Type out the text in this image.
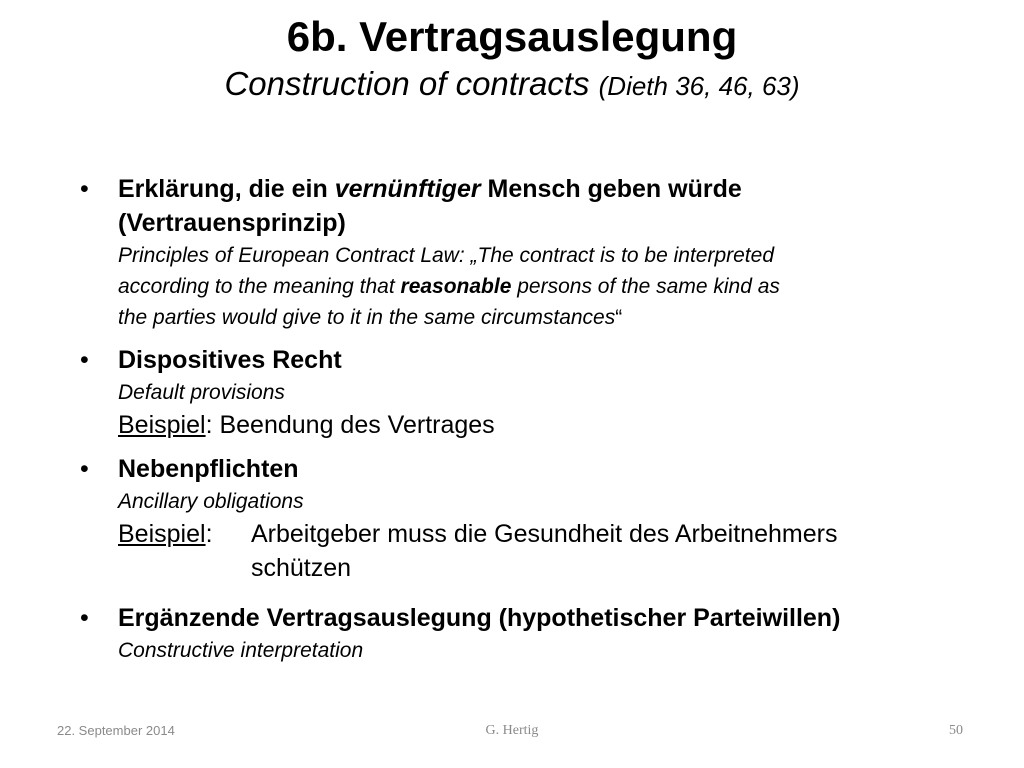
6b. Vertragsauslegung
Construction of contracts (Dieth 36, 46, 63)
• Erklärung, die ein vernünftiger Mensch geben würde
(Vertrauensprinzip)
Principles of European Contract Law: „The contract is to be interpreted
according to the meaning that reasonable persons of the same kind as
the parties would give to it in the same circumstances“
• Dispositives Recht
Default provisions
Beispiel: Beendung des Vertrages
• Nebenpflichten
Ancillary obligations
Beispiel:	Arbeitgeber muss die Gesundheit des Arbeitnehmers
schützen
• Ergänzende Vertragsauslegung (hypothetischer Parteiwillen)
Constructive interpretation
22. September 2014	G. Hertig	50
